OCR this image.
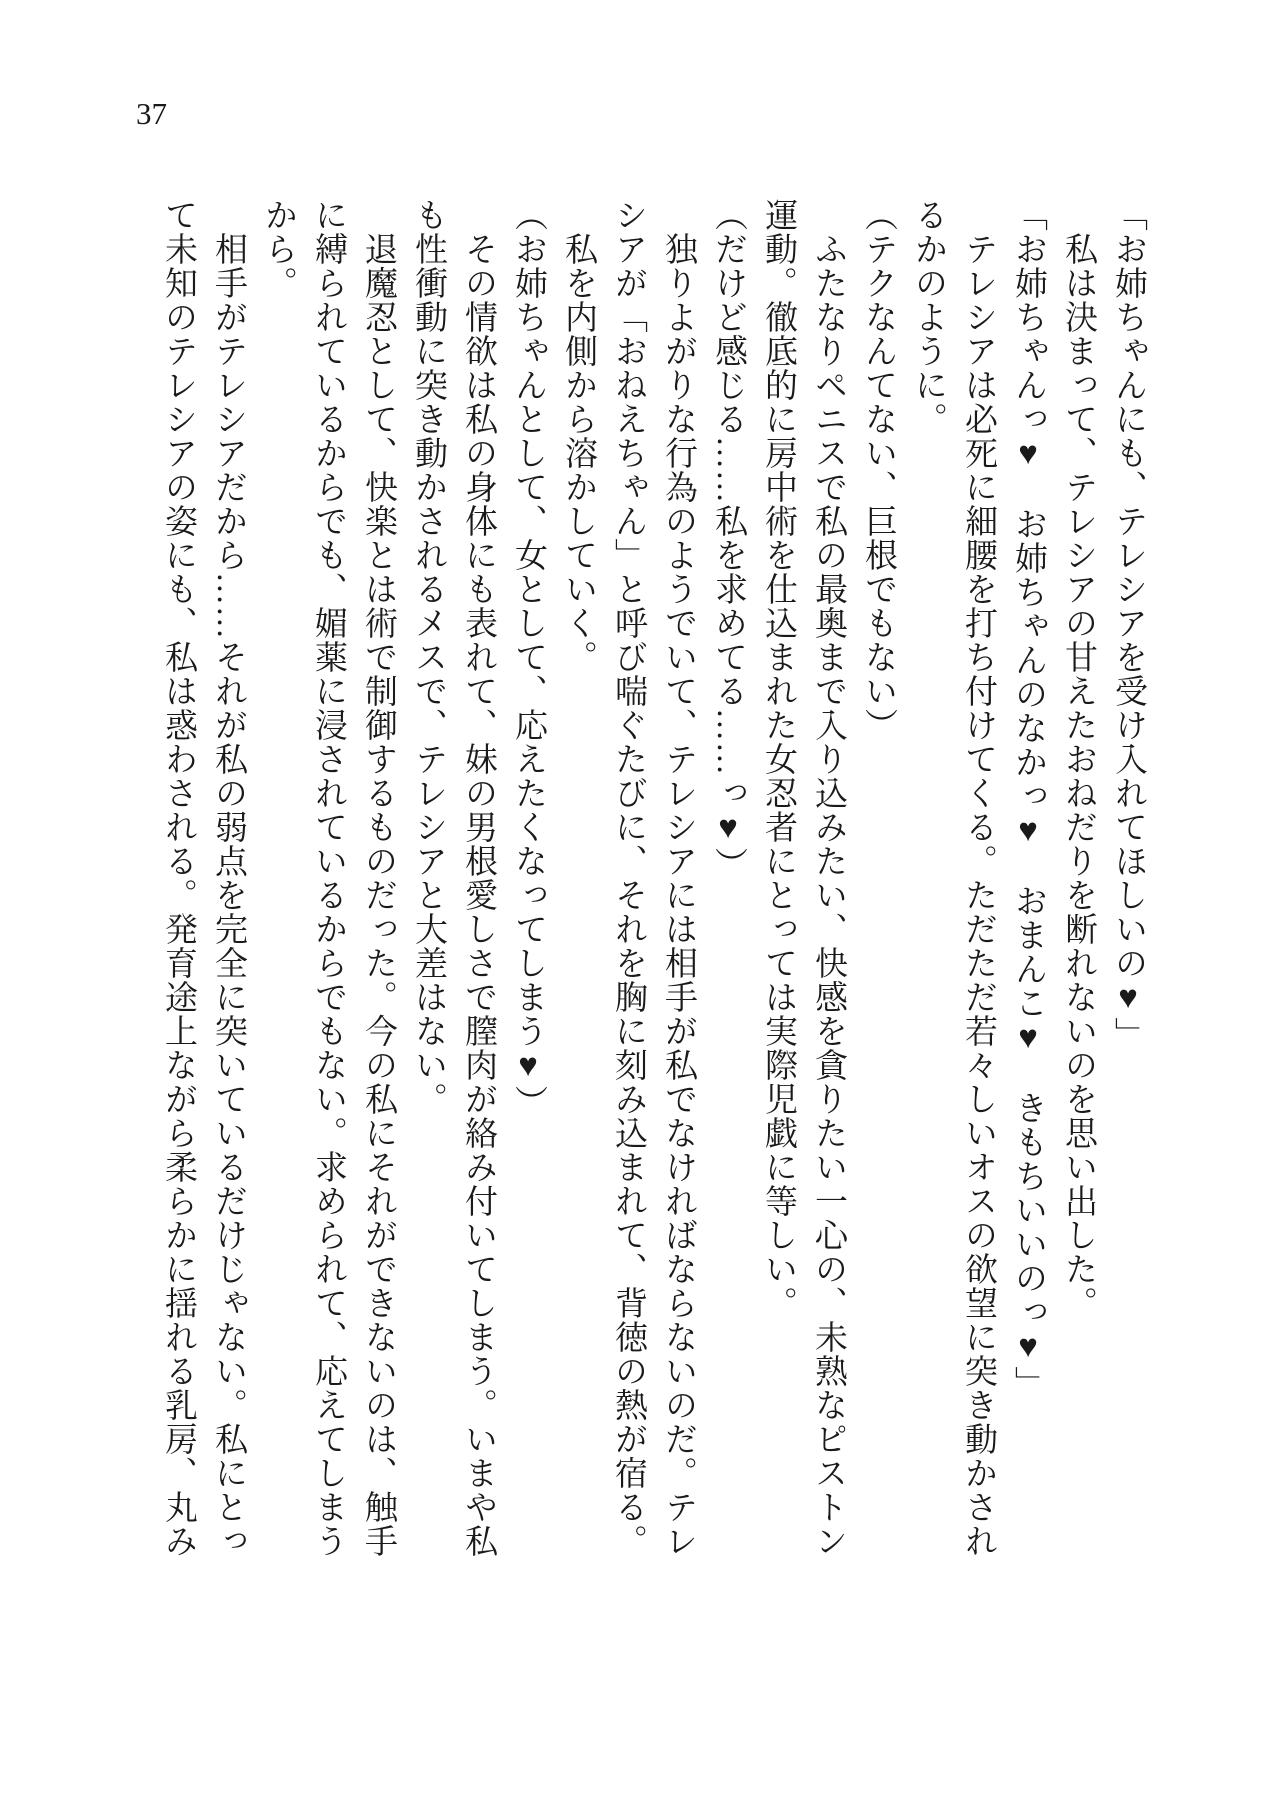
37

「お姉ちゃんにも、テレシアを受け入れてほしいの♥」

　私は決まって、テレシアの甘えたおねだりを断れないのを思い出した。

「お姉ちゃんっ♥　お姉ちゃんのなかっ♥　おまんこ♥　きもちいいのっ♥」

　テレシアは必死に細腰を打ち付けてくる。ただただ若々しいオスの欲望に突き動かされ

るかのように。

（テクなんてない、巨根でもない）

　ふたなりペニスで私の最奥まで入り込みたい、快感を貪りたい一心の、未熟なピストン

運動。徹底的に房中術を仕込まれた女忍者にとっては実際児戯に等しい。

（だけど感じる……私を求めてる……っ♥）

　独りよがりな行為のようでいて、テレシアには相手が私でなければならないのだ。テレ

シアが「おねえちゃん」と呼び喘ぐたびに、それを胸に刻み込まれて、背徳の熱が宿る。

　私を内側から溶かしていく。

（お姉ちゃんとして、女として、応えたくなってしまう♥）

　その情欲は私の身体にも表れて、妹の男根愛しさで膣肉が絡み付いてしまう。いまや私

も性衝動に突き動かされるメスで、テレシアと大差はない。

　退魔忍として、快楽とは術で制御するものだった。今の私にそれができないのは、触手

に縛られているからでも、媚薬に浸されているからでもない。求められて、応えてしまう

から。

　相手がテレシアだから……それが私の弱点を完全に突いているだけじゃない。私にとっ

て未知のテレシアの姿にも、私は惑わされる。発育途上ながら柔らかに揺れる乳房、丸み
